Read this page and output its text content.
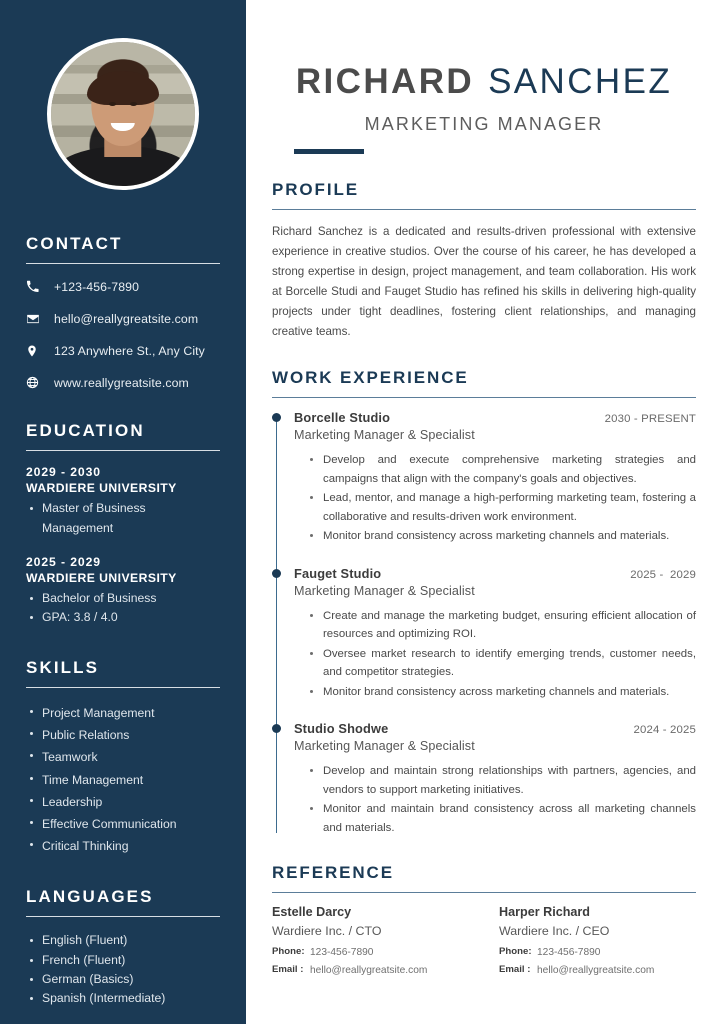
CONTACT
+123-456-7890
hello@reallygreatsite.com
123 Anywhere St., Any City
www.reallygreatsite.com
EDUCATION
2029 - 2030
WARDIERE UNIVERSITY
Master of Business Management
2025 - 2029
WARDIERE UNIVERSITY
Bachelor of Business
GPA: 3.8 / 4.0
SKILLS
Project Management
Public Relations
Teamwork
Time Management
Leadership
Effective Communication
Critical Thinking
LANGUAGES
English (Fluent)
French (Fluent)
German (Basics)
Spanish (Intermediate)
RICHARD SANCHEZ
MARKETING MANAGER
PROFILE

Richard Sanchez is a dedicated and results-driven professional with extensive experience in creative studios. Over the course of his career, he has developed a strong expertise in design, project management, and team collaboration. His work at Borcelle Studi and Fauget Studio has refined his skills in delivering high-quality projects under tight deadlines, fostering client relationships, and managing creative teams.

WORK EXPERIENCE
Borcelle Studio	2030 - PRESENT
Marketing Manager & Specialist
Develop and execute comprehensive marketing strategies and campaigns that align with the company's goals and objectives.
Lead, mentor, and manage a high-performing marketing team, fostering a collaborative and results-driven work environment.
Monitor brand consistency across marketing channels and materials.
Fauget Studio	2025 -  2029
Marketing Manager & Specialist
Create and manage the marketing budget, ensuring efficient allocation of resources and optimizing ROI.
Oversee market research to identify emerging trends, customer needs, and competitor strategies.
Monitor brand consistency across marketing channels and materials.
Studio Shodwe	2024 - 2025
Marketing Manager & Specialist
Develop and maintain strong relationships with partners, agencies, and vendors to support marketing initiatives.
Monitor and maintain brand consistency across all marketing channels and materials.
REFERENCE
Estelle Darcy
Wardiere Inc. / CTO
Phone: 123-456-7890
Email : hello@reallygreatsite.com
Harper Richard
Wardiere Inc. / CEO
Phone: 123-456-7890
Email : hello@reallygreatsite.com
